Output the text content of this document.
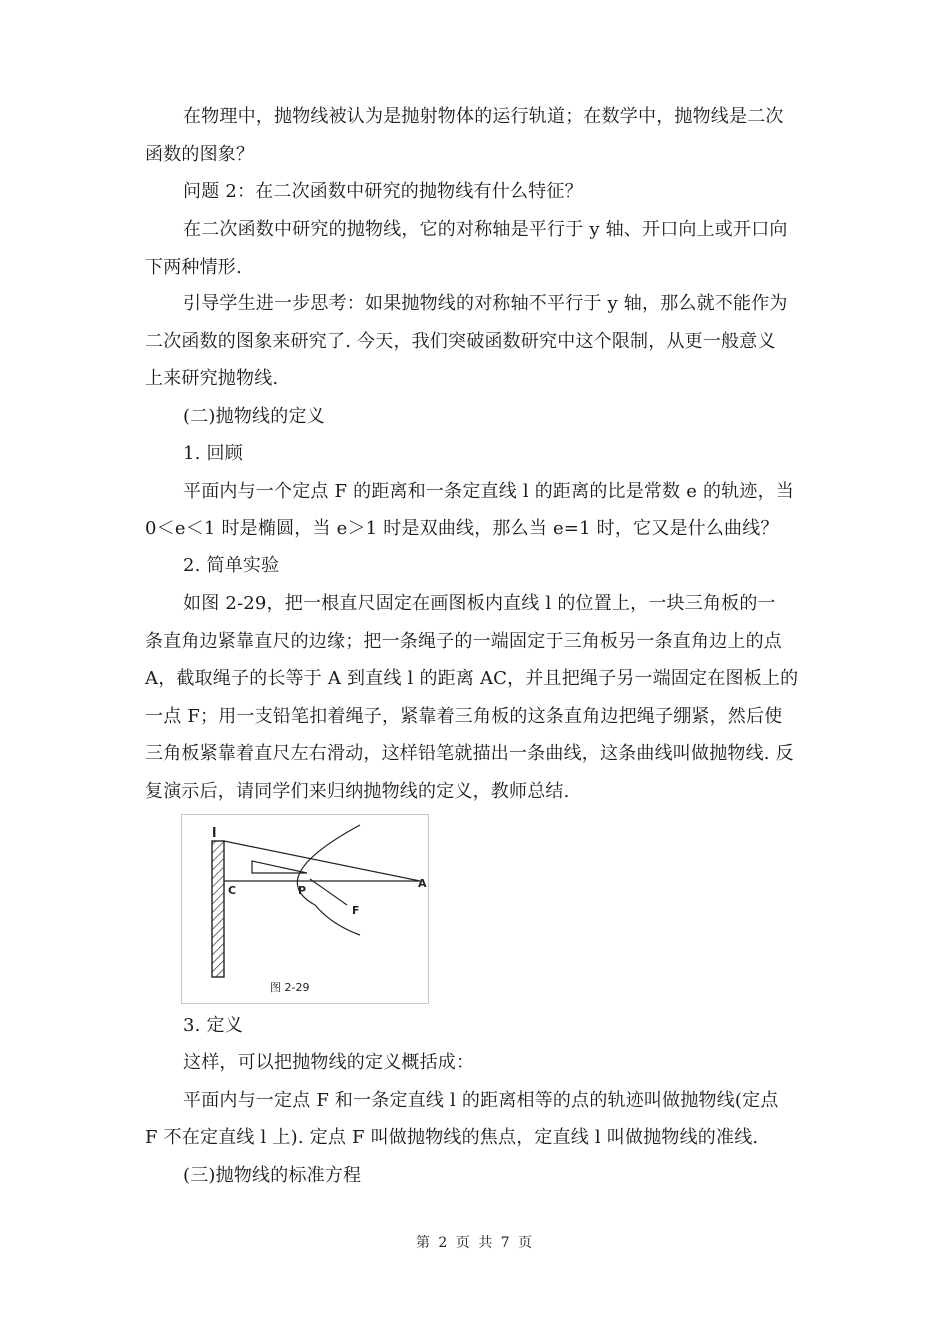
在物理中，抛物线被认为是抛射物体的运行轨道；在数学中，抛物线是二次
函数的图象？
问题 2：在二次函数中研究的抛物线有什么特征？
在二次函数中研究的抛物线，它的对称轴是平行于 y 轴、开口向上或开口向
下两种情形.
引导学生进一步思考：如果抛物线的对称轴不平行于 y 轴，那么就不能作为
二次函数的图象来研究了. 今天，我们突破函数研究中这个限制，从更一般意义
上来研究抛物线.
(二)抛物线的定义
1. 回顾
平面内与一个定点 F 的距离和一条定直线 l 的距离的比是常数 e 的轨迹，当
0＜e＜1 时是椭圆，当 e＞1 时是双曲线，那么当 e=1 时，它又是什么曲线？
2. 简单实验
如图 2-29，把一根直尺固定在画图板内直线 l 的位置上，一块三角板的一
条直角边紧靠直尺的边缘；把一条绳子的一端固定于三角板另一条直角边上的点
A，截取绳子的长等于 A 到直线 l 的距离 AC，并且把绳子另一端固定在图板上的
一点 F；用一支铅笔扣着绳子，紧靠着三角板的这条直角边把绳子绷紧，然后使
三角板紧靠着直尺左右滑动，这样铅笔就描出一条曲线，这条曲线叫做抛物线. 反
复演示后，请同学们来归纳抛物线的定义，教师总结.
l
C	P
F
A
图 2-29
3. 定义
这样，可以把抛物线的定义概括成：
平面内与一定点 F 和一条定直线 l 的距离相等的点的轨迹叫做抛物线(定点
F 不在定直线 l 上). 定点 F 叫做抛物线的焦点，定直线 l 叫做抛物线的准线.
(三)抛物线的标准方程
第 2 页 共 7 页
